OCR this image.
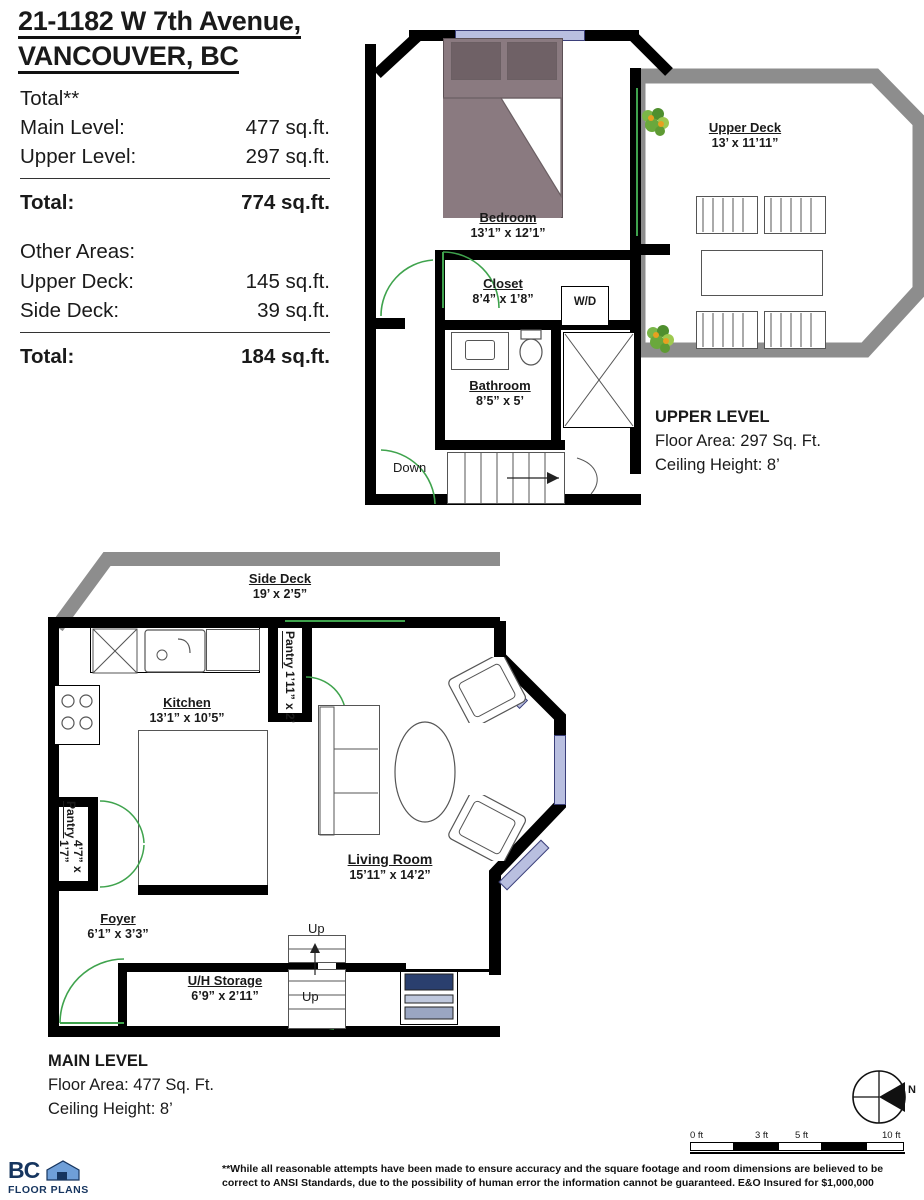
21-1182 W 7th Avenue,
VANCOUVER, BC
Total**
Main Level:	477 sq.ft.
Upper Level:	297 sq.ft.
Total:	774 sq.ft.
Other Areas:
Upper Deck:	145 sq.ft.
Side Deck:	39 sq.ft.
Total:	184 sq.ft.
Upper Deck
13’ x 11’11”
Closet
8’4” x 1’8”
Bedroom
13’1” x 12’1”
Bathroom
8’5” x 5’
W/D
Down
UPPER LEVEL
Floor Area: 297 Sq. Ft.
Ceiling Height: 8’
Side Deck
19’ x 2’5”
Kitchen
13’1” x 10’5”
Pantry
1’11” x 2’
Pantry
4’7” x 1’7”	Living Room
15’11” x 14’2”
Foyer
6’1” x 3’3”
U/H Storage
6’9” x 2’11”
Up
Up
MAIN LEVEL
Floor Area: 477 Sq. Ft.
Ceiling Height: 8’
N
0 ft	3 ft	5 ft	10 ft
BC
FLOOR PLANS
**While all reasonable attempts have been made to ensure accuracy and the square footage and room dimensions are believed to be correct to ANSI Standards, due to the possibility of human error the information cannot be guaranteed. E&O Insured for $1,000,000
